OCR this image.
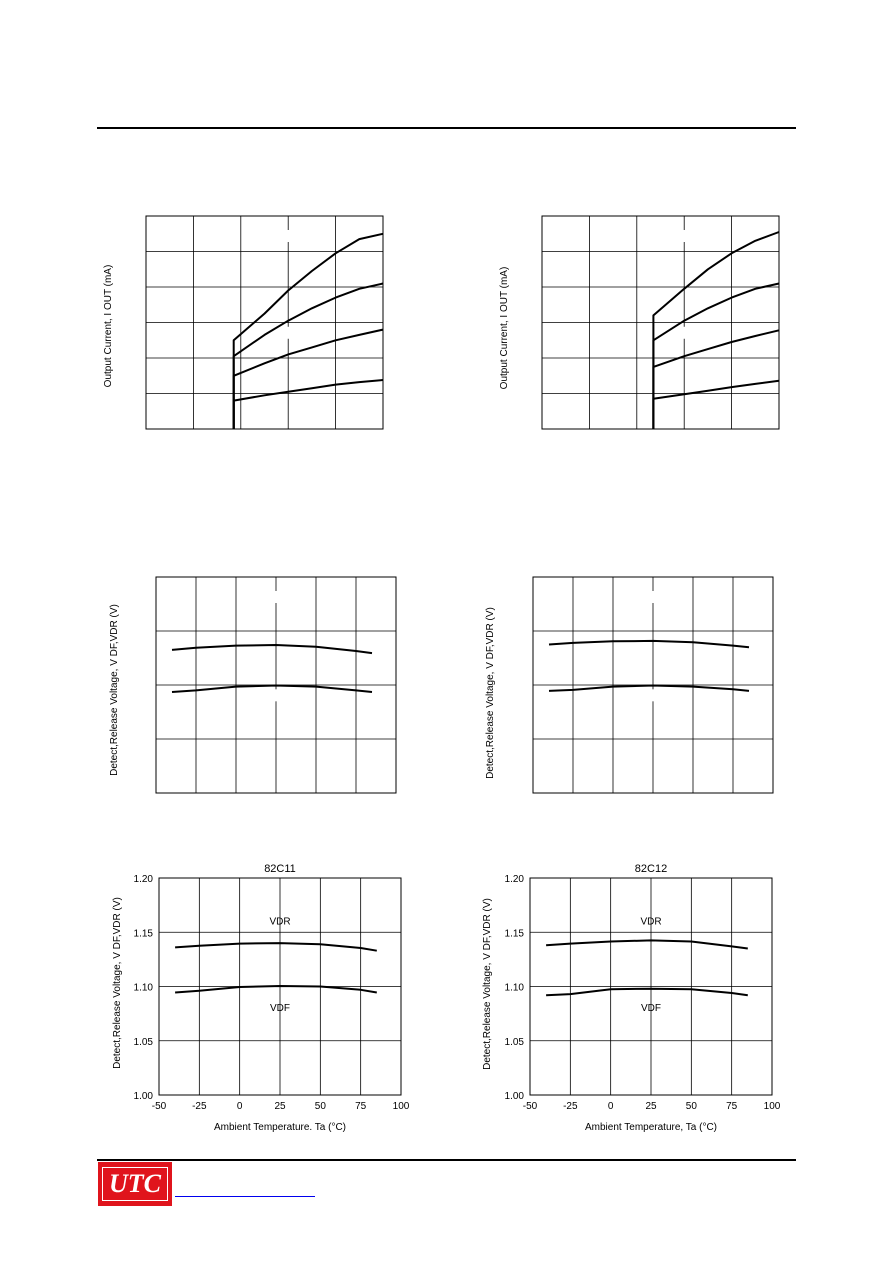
Output Current, I OUT (mA)	Output Current, I OUT (mA)
Detect,Release Voltage, V DF,VDR (V)	Detect,Release Voltage, V DF,VDR (V)
-50	-25	0	25	50	75	100
1.00
1.05
1.10
1.15
1.20
82C11
Ambient Temperature. Ta (°C)
Detect,Release Voltage, V DF,VDR (V)	VDR
VDF
-50	-25	0	25	50	75	100
1.00
1.05
1.10
1.15
1.20
82C12
Ambient Temperature, Ta (°C)
Detect,Release Voltage, V DF,VDR (V)	VDR
VDF
UTC
